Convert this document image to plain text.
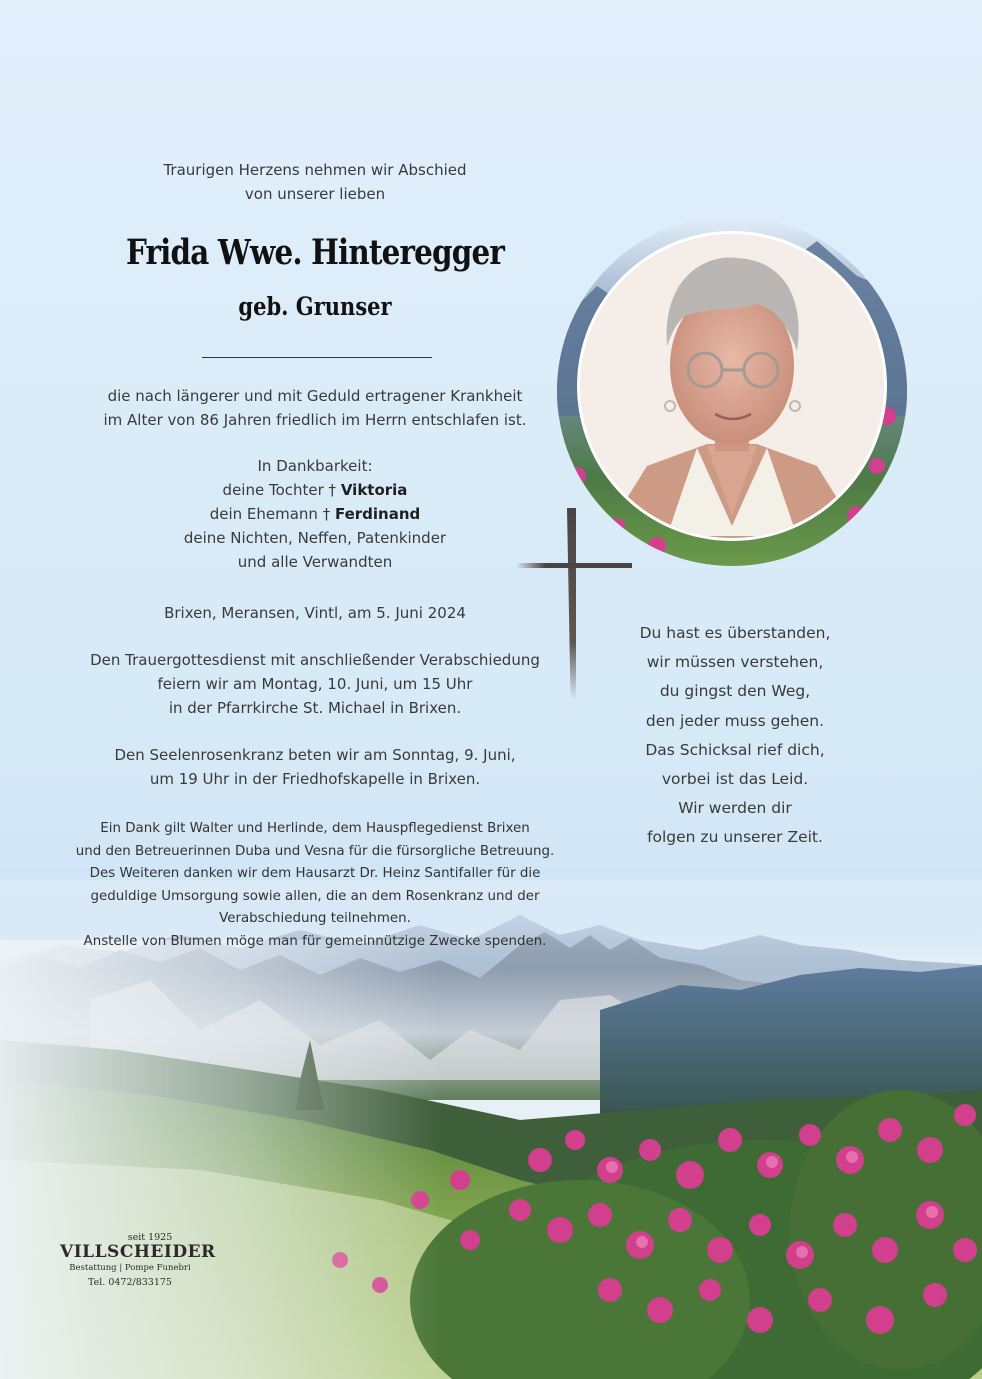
Traurigen Herzens nehmen wir Abschied
von unserer lieben
Frida Wwe. Hinteregger
geb. Grunser
die nach längerer und mit Geduld ertragener Krankheit
im Alter von 86 Jahren friedlich im Herrn entschlafen ist.
In Dankbarkeit:
deine Tochter † Viktoria
dein Ehemann † Ferdinand
deine Nichten, Neffen, Patenkinder
und alle Verwandten
Brixen, Meransen, Vintl, am 5. Juni 2024
Den Trauergottesdienst mit anschließender Verabschiedung
feiern wir am Montag, 10. Juni, um 15 Uhr
in der Pfarrkirche St. Michael in Brixen.
Den Seelenrosenkranz beten wir am Sonntag, 9. Juni,
um 19 Uhr in der Friedhofskapelle in Brixen.
Ein Dank gilt Walter und Herlinde, dem Hauspflegedienst Brixen
und den Betreuerinnen Duba und Vesna für die fürsorgliche Betreuung.
Des Weiteren danken wir dem Hausarzt Dr. Heinz Santifaller für die
geduldige Umsorgung sowie allen, die an dem Rosenkranz und der
Verabschiedung teilnehmen.
Anstelle von Blumen möge man für gemeinnützige Zwecke spenden.
Du hast es überstanden,
wir müssen verstehen,
du gingst den Weg,
den jeder muss gehen.
Das Schicksal rief dich,
vorbei ist das Leid.
Wir werden dir
folgen zu unserer Zeit.
seit 1925
VILLSCHEIDER
Bestattung | Pompe Funebri
Tel. 0472/833175
